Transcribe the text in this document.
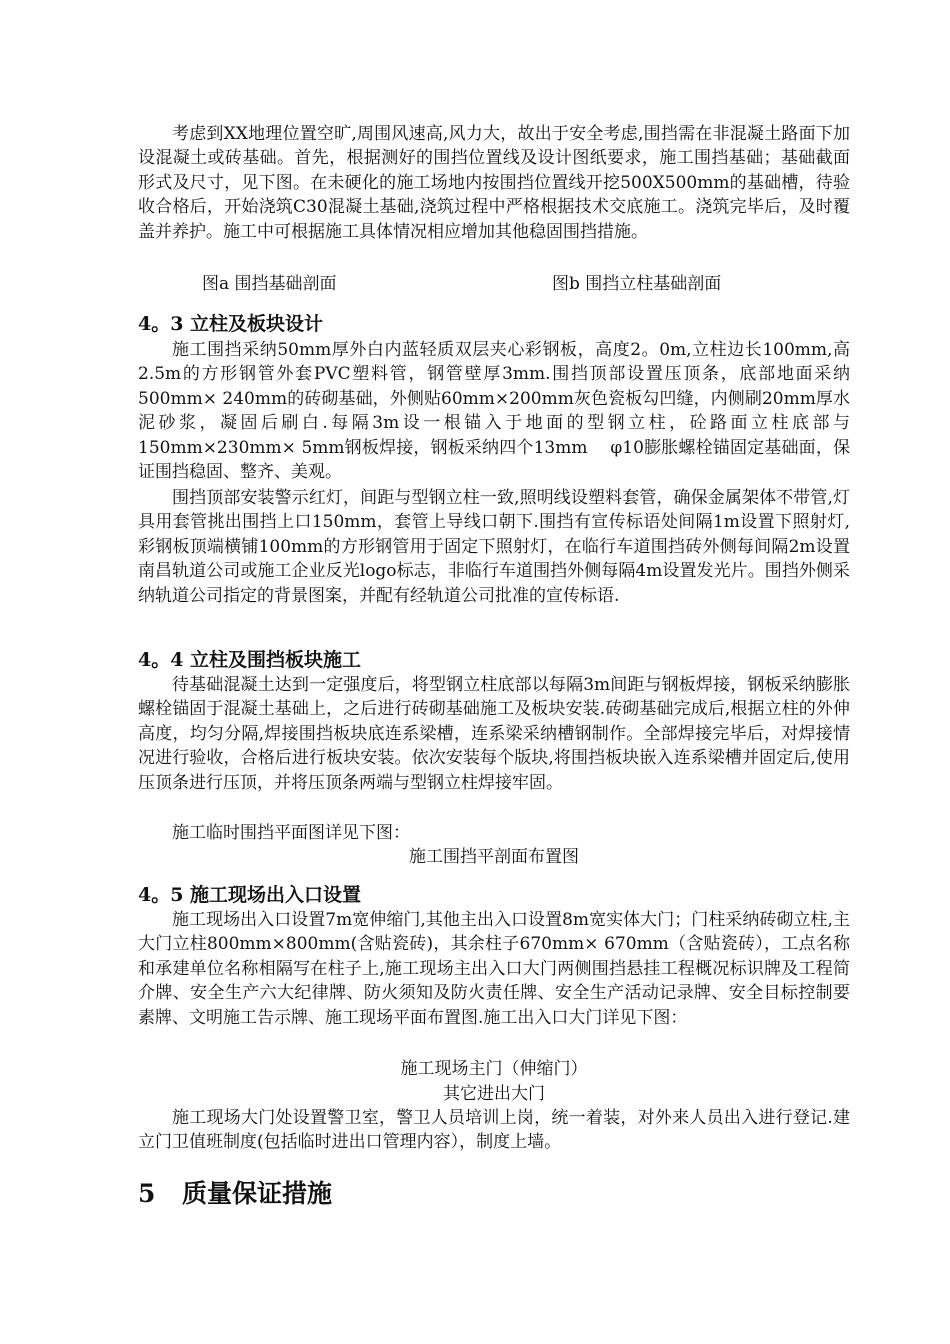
考虑到XX地理位置空旷,周围风速高,风力大，故出于安全考虑,围挡需在非混凝土路面下加设混凝土或砖基础。首先，根据测好的围挡位置线及设计图纸要求，施工围挡基础；基础截面形式及尺寸，见下图。在未硬化的施工场地内按围挡位置线开挖500X500mm的基础槽，待验收合格后，开始浇筑C30混凝土基础,浇筑过程中严格根据技术交底施工。浇筑完毕后，及时覆盖并养护。施工中可根据施工具体情况相应增加其他稳固围挡措施。

图a 围挡基础剖面	图b 围挡立柱基础剖面

4。3 立柱及板块设计

施工围挡采纳50mm厚外白内蓝轻质双层夹心彩钢板，高度2。0m,立柱边长100mm,高2.5m的方形钢管外套PVC塑料管，钢管壁厚3mm.围挡顶部设置压顶条，底部地面采纳500mm× 240mm的砖砌基础，外侧贴60mm×200mm灰色瓷板勾凹缝，内侧刷20mm厚水泥砂浆，凝固后刷白.每隔3m设一根锚入于地面的型钢立柱，砼路面立柱底部与150mm×230mm× 5mm钢板焊接，钢板采纳四个13mm　 φ10膨胀螺栓锚固定基础面，保证围挡稳固、整齐、美观。

围挡顶部安装警示红灯，间距与型钢立柱一致,照明线设塑料套管，确保金属架体不带管,灯具用套管挑出围挡上口150mm，套管上导线口朝下.围挡有宣传标语处间隔1m设置下照射灯,彩钢板顶端横铺100mm的方形钢管用于固定下照射灯，在临行车道围挡砖外侧每间隔2m设置南昌轨道公司或施工企业反光logo标志，非临行车道围挡外侧每隔4m设置发光片。围挡外侧采纳轨道公司指定的背景图案，并配有经轨道公司批准的宣传标语.

4。4 立柱及围挡板块施工

待基础混凝土达到一定强度后，将型钢立柱底部以每隔3m间距与钢板焊接，钢板采纳膨胀螺栓锚固于混凝土基础上，之后进行砖砌基础施工及板块安装.砖砌基础完成后,根据立柱的外伸高度，均匀分隔,焊接围挡板块底连系梁槽，连系梁采纳槽钢制作。全部焊接完毕后，对焊接情况进行验收，合格后进行板块安装。依次安装每个版块,将围挡板块嵌入连系梁槽并固定后,使用压顶条进行压顶，并将压顶条两端与型钢立柱焊接牢固。

施工临时围挡平面图详见下图：

施工围挡平剖面布置图

4。5 施工现场出入口设置

施工现场出入口设置7m宽伸缩门,其他主出入口设置8m宽实体大门；门柱采纳砖砌立柱,主大门立柱800mm×800mm(含贴瓷砖)，其余柱子670mm× 670mm（含贴瓷砖），工点名称和承建单位名称相隔写在柱子上,施工现场主出入口大门两侧围挡悬挂工程概况标识牌及工程简介牌、安全生产六大纪律牌、防火须知及防火责任牌、安全生产活动记录牌、安全目标控制要素牌、文明施工告示牌、施工现场平面布置图.施工出入口大门详见下图：

施工现场主门（伸缩门）

其它进出大门

施工现场大门处设置警卫室，警卫人员培训上岗，统一着装，对外来人员出入进行登记.建立门卫值班制度(包括临时进出口管理内容），制度上墙。

5 质量保证措施
